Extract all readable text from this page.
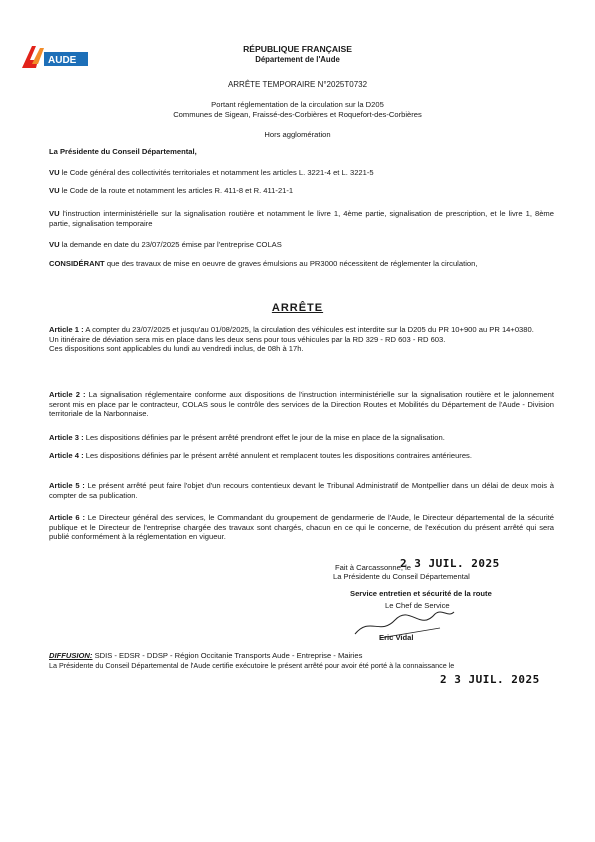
AUDE
RÉPUBLIQUE FRANÇAISE
Département de l'Aude
ARRÊTE TEMPORAIRE N°2025T0732
Portant réglementation de la circulation sur la D205
Communes de Sigean, Fraissé-des-Corbières et Roquefort-des-Corbières
Hors agglomération
La Présidente du Conseil Départemental,
VU le Code général des collectivités territoriales et notamment les articles L. 3221-4 et L. 3221-5
VU le Code de la route et notamment les articles R. 411-8 et R. 411-21-1
VU l'instruction interministérielle sur la signalisation routière et notamment le livre 1, 4ème partie, signalisation de prescription, et le livre 1, 8ème partie, signalisation temporaire
VU la demande en date du 23/07/2025 émise par l'entreprise COLAS
CONSIDÉRANT que des travaux de mise en oeuvre de graves émulsions au PR3000 nécessitent de réglementer la circulation,
ARRÊTE
Article 1 : A compter du 23/07/2025 et jusqu'au 01/08/2025, la circulation des véhicules est interdite sur la D205 du PR 10+900 au PR 14+0380.
Un itinéraire de déviation sera mis en place dans les deux sens pour tous véhicules par la RD 329 - RD 603 - RD 603.
Ces dispositions sont applicables du lundi au vendredi inclus, de 08h à 17h.
Article 2 : La signalisation réglementaire conforme aux dispositions de l'instruction interministérielle sur la signalisation routière et le jalonnement seront mis en place par le contracteur, COLAS sous le contrôle des services de la Direction Routes et Mobilités du Département de l'Aude - Division territoriale de la Narbonnaise.
Article 3 : Les dispositions définies par le présent arrêté prendront effet le jour de la mise en place de la signalisation.
Article 4 : Les dispositions définies par le présent arrêté annulent et remplacent toutes les dispositions contraires antérieures.
Article 5 : Le présent arrêté peut faire l'objet d'un recours contentieux devant le Tribunal Administratif de Montpellier dans un délai de deux mois à compter de sa publication.
Article 6 : Le Directeur général des services, le Commandant du groupement de gendarmerie de l'Aude, le Directeur départemental de la sécurité publique et le Directeur de l'entreprise chargée des travaux sont chargés, chacun en ce qui le concerne, de l'exécution du présent arrêté qui sera publié conformément à la réglementation en vigueur.
Fait à Carcassonne, le
2 3 JUIL. 2025
La Présidente du Conseil Départemental
Service entretien et sécurité de la route
Le Chef de Service
Eric Vidal
DIFFUSION: SDIS - EDSR - DDSP - Région Occitanie Transports Aude - Entreprise - Mairies
La Présidente du Conseil Départemental de l'Aude certifie exécutoire le présent arrêté pour avoir été porté à la connaissance le
2 3 JUIL. 2025
